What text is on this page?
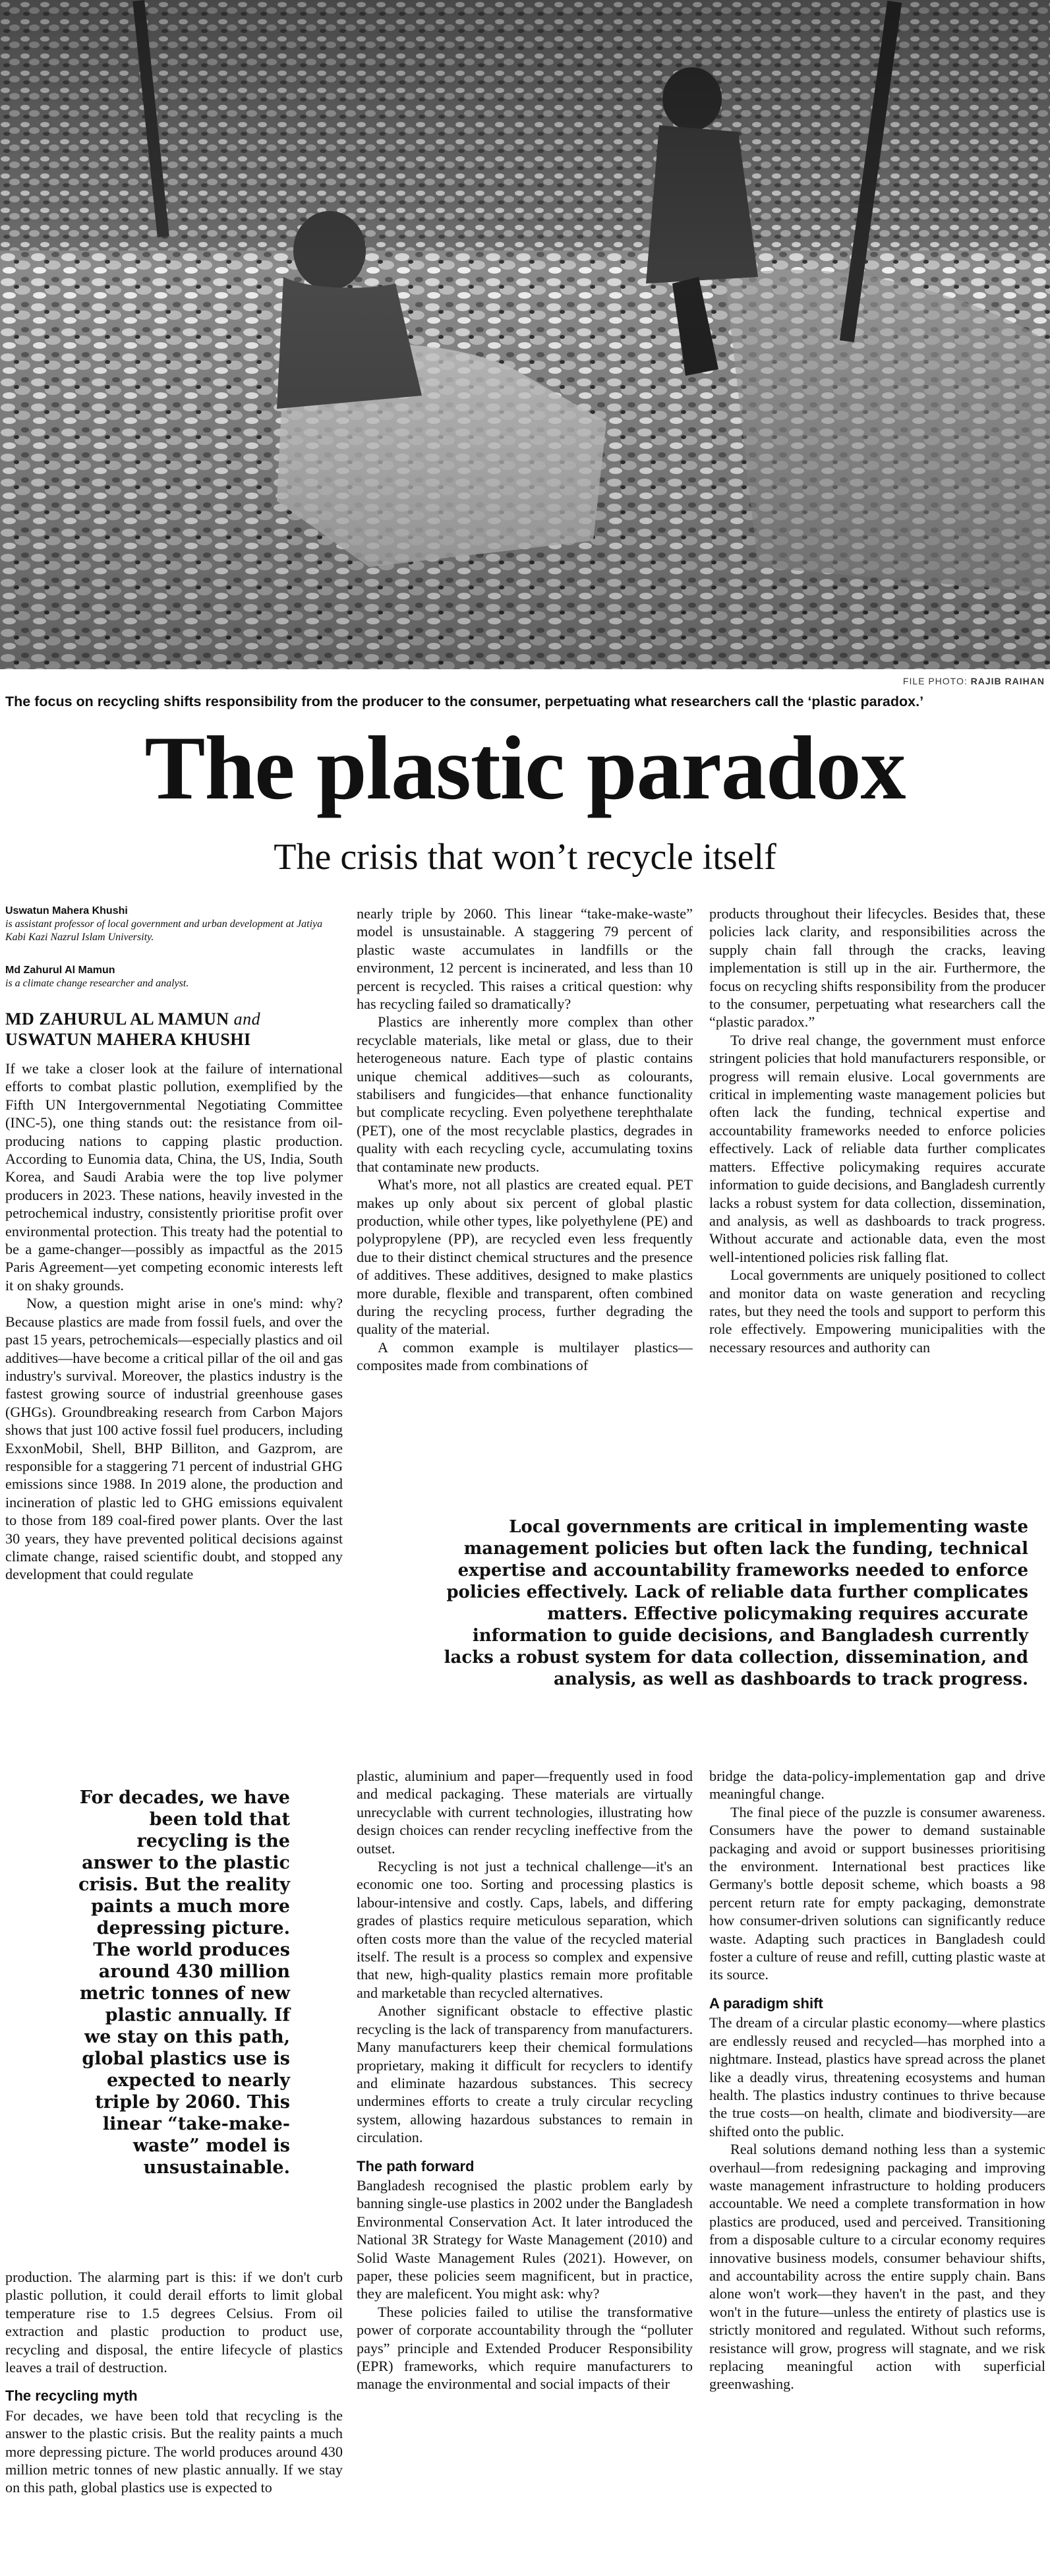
FILE PHOTO: RAJIB RAIHAN
The focus on recycling shifts responsibility from the producer to the consumer, perpetuating what researchers call the ‘plastic paradox.’
The plastic paradox
The crisis that won’t recycle itself
Uswatun Mahera Khushi
is assistant professor of local government and urban development at Jatiya Kabi Kazi Nazrul Islam University.
Md Zahurul Al Mamun
is a climate change researcher and analyst.
MD ZAHURUL AL MAMUN and
USWATUN MAHERA KHUSHI

If we take a closer look at the failure of international efforts to combat plastic pollution, exemplified by the Fifth UN Intergovernmental Negotiating Committee (INC-5), one thing stands out: the resistance from oil-producing nations to capping plastic production. According to Eunomia data, China, the US, India, South Korea, and Saudi Arabia were the top live polymer producers in 2023. These nations, heavily invested in the petrochemical industry, consistently prioritise profit over environmental protection. This treaty had the potential to be a game-changer—possibly as impactful as the 2015 Paris Agreement—yet competing economic interests left it on shaky grounds.

Now, a question might arise in one's mind: why? Because plastics are made from fossil fuels, and over the past 15 years, petrochemicals—especially plastics and oil additives—have become a critical pillar of the oil and gas industry's survival. Moreover, the plastics industry is the fastest growing source of industrial greenhouse gases (GHGs). Groundbreaking research from Carbon Majors shows that just 100 active fossil fuel producers, including ExxonMobil, Shell, BHP Billiton, and Gazprom, are responsible for a staggering 71 percent of industrial GHG emissions since 1988. In 2019 alone, the production and incineration of plastic led to GHG emissions equivalent to those from 189 coal-fired power plants. Over the last 30 years, they have prevented political decisions against climate change, raised scientific doubt, and stopped any development that could regulate

nearly triple by 2060. This linear “take-make-waste” model is unsustainable. A staggering 79 percent of plastic waste accumulates in landfills or the environment, 12 percent is incinerated, and less than 10 percent is recycled. This raises a critical question: why has recycling failed so dramatically?

Plastics are inherently more complex than other recyclable materials, like metal or glass, due to their heterogeneous nature. Each type of plastic contains unique chemical additives—such as colourants, stabilisers and fungicides—that enhance functionality but complicate recycling. Even polyethene terephthalate (PET), one of the most recyclable plastics, degrades in quality with each recycling cycle, accumulating toxins that contaminate new products.

What's more, not all plastics are created equal. PET makes up only about six percent of global plastic production, while other types, like polyethylene (PE) and polypropylene (PP), are recycled even less frequently due to their distinct chemical structures and the presence of additives. These additives, designed to make plastics more durable, flexible and transparent, often combined during the recycling process, further degrading the quality of the material.

A common example is multilayer plastics—composites made from combinations of

products throughout their lifecycles. Besides that, these policies lack clarity, and responsibilities across the supply chain fall through the cracks, leaving implementation is still up in the air. Furthermore, the focus on recycling shifts responsibility from the producer to the consumer, perpetuating what researchers call the “plastic paradox.”

To drive real change, the government must enforce stringent policies that hold manufacturers responsible, or progress will remain elusive. Local governments are critical in implementing waste management policies but often lack the funding, technical expertise and accountability frameworks needed to enforce policies effectively. Lack of reliable data further complicates matters. Effective policymaking requires accurate information to guide decisions, and Bangladesh currently lacks a robust system for data collection, dissemination, and analysis, as well as dashboards to track progress. Without accurate and actionable data, even the most well-intentioned policies risk falling flat.

Local governments are uniquely positioned to collect and monitor data on waste generation and recycling rates, but they need the tools and support to perform this role effectively. Empowering municipalities with the necessary resources and authority can

Local governments are critical in implementing waste management policies but often lack the funding, technical expertise and accountability frameworks needed to enforce policies effectively. Lack of reliable data further complicates matters. Effective policymaking requires accurate information to guide decisions, and Bangladesh currently lacks a robust system for data collection, dissemination, and analysis, as well as dashboards to track progress.
For decades, we have been told that recycling is the answer to the plastic crisis. But the reality paints a much more depressing picture. The world produces around 430 million metric tonnes of new plastic annually. If we stay on this path, global plastics use is expected to nearly triple by 2060. This linear “take-make-waste” model is unsustainable.

production. The alarming part is this: if we don't curb plastic pollution, it could derail efforts to limit global temperature rise to 1.5 degrees Celsius. From oil extraction and plastic production to product use, recycling and disposal, the entire lifecycle of plastics leaves a trail of destruction.

The recycling myth

For decades, we have been told that recycling is the answer to the plastic crisis. But the reality paints a much more depressing picture. The world produces around 430 million metric tonnes of new plastic annually. If we stay on this path, global plastics use is expected to

plastic, aluminium and paper—frequently used in food and medical packaging. These materials are virtually unrecyclable with current technologies, illustrating how design choices can render recycling ineffective from the outset.

Recycling is not just a technical challenge—it's an economic one too. Sorting and processing plastics is labour-intensive and costly. Caps, labels, and differing grades of plastics require meticulous separation, which often costs more than the value of the recycled material itself. The result is a process so complex and expensive that new, high-quality plastics remain more profitable and marketable than recycled alternatives.

Another significant obstacle to effective plastic recycling is the lack of transparency from manufacturers. Many manufacturers keep their chemical formulations proprietary, making it difficult for recyclers to identify and eliminate hazardous substances. This secrecy undermines efforts to create a truly circular recycling system, allowing hazardous substances to remain in circulation.

The path forward

Bangladesh recognised the plastic problem early by banning single-use plastics in 2002 under the Bangladesh Environmental Conservation Act. It later introduced the National 3R Strategy for Waste Management (2010) and Solid Waste Management Rules (2021). However, on paper, these policies seem magnificent, but in practice, they are maleficent. You might ask: why?

These policies failed to utilise the transformative power of corporate accountability through the “polluter pays” principle and Extended Producer Responsibility (EPR) frameworks, which require manufacturers to manage the environmental and social impacts of their

bridge the data-policy-implementation gap and drive meaningful change.

The final piece of the puzzle is consumer awareness. Consumers have the power to demand sustainable packaging and avoid or support businesses prioritising the environment. International best practices like Germany's bottle deposit scheme, which boasts a 98 percent return rate for empty packaging, demonstrate how consumer-driven solutions can significantly reduce waste. Adapting such practices in Bangladesh could foster a culture of reuse and refill, cutting plastic waste at its source.

A paradigm shift

The dream of a circular plastic economy—where plastics are endlessly reused and recycled—has morphed into a nightmare. Instead, plastics have spread across the planet like a deadly virus, threatening ecosystems and human health. The plastics industry continues to thrive because the true costs—on health, climate and biodiversity—are shifted onto the public.

Real solutions demand nothing less than a systemic overhaul—from redesigning packaging and improving waste management infrastructure to holding producers accountable. We need a complete transformation in how plastics are produced, used and perceived. Transitioning from a disposable culture to a circular economy requires innovative business models, consumer behaviour shifts, and accountability across the entire supply chain. Bans alone won't work—they haven't in the past, and they won't in the future—unless the entirety of plastics use is strictly monitored and regulated. Without such reforms, resistance will grow, progress will stagnate, and we risk replacing meaningful action with superficial greenwashing.
